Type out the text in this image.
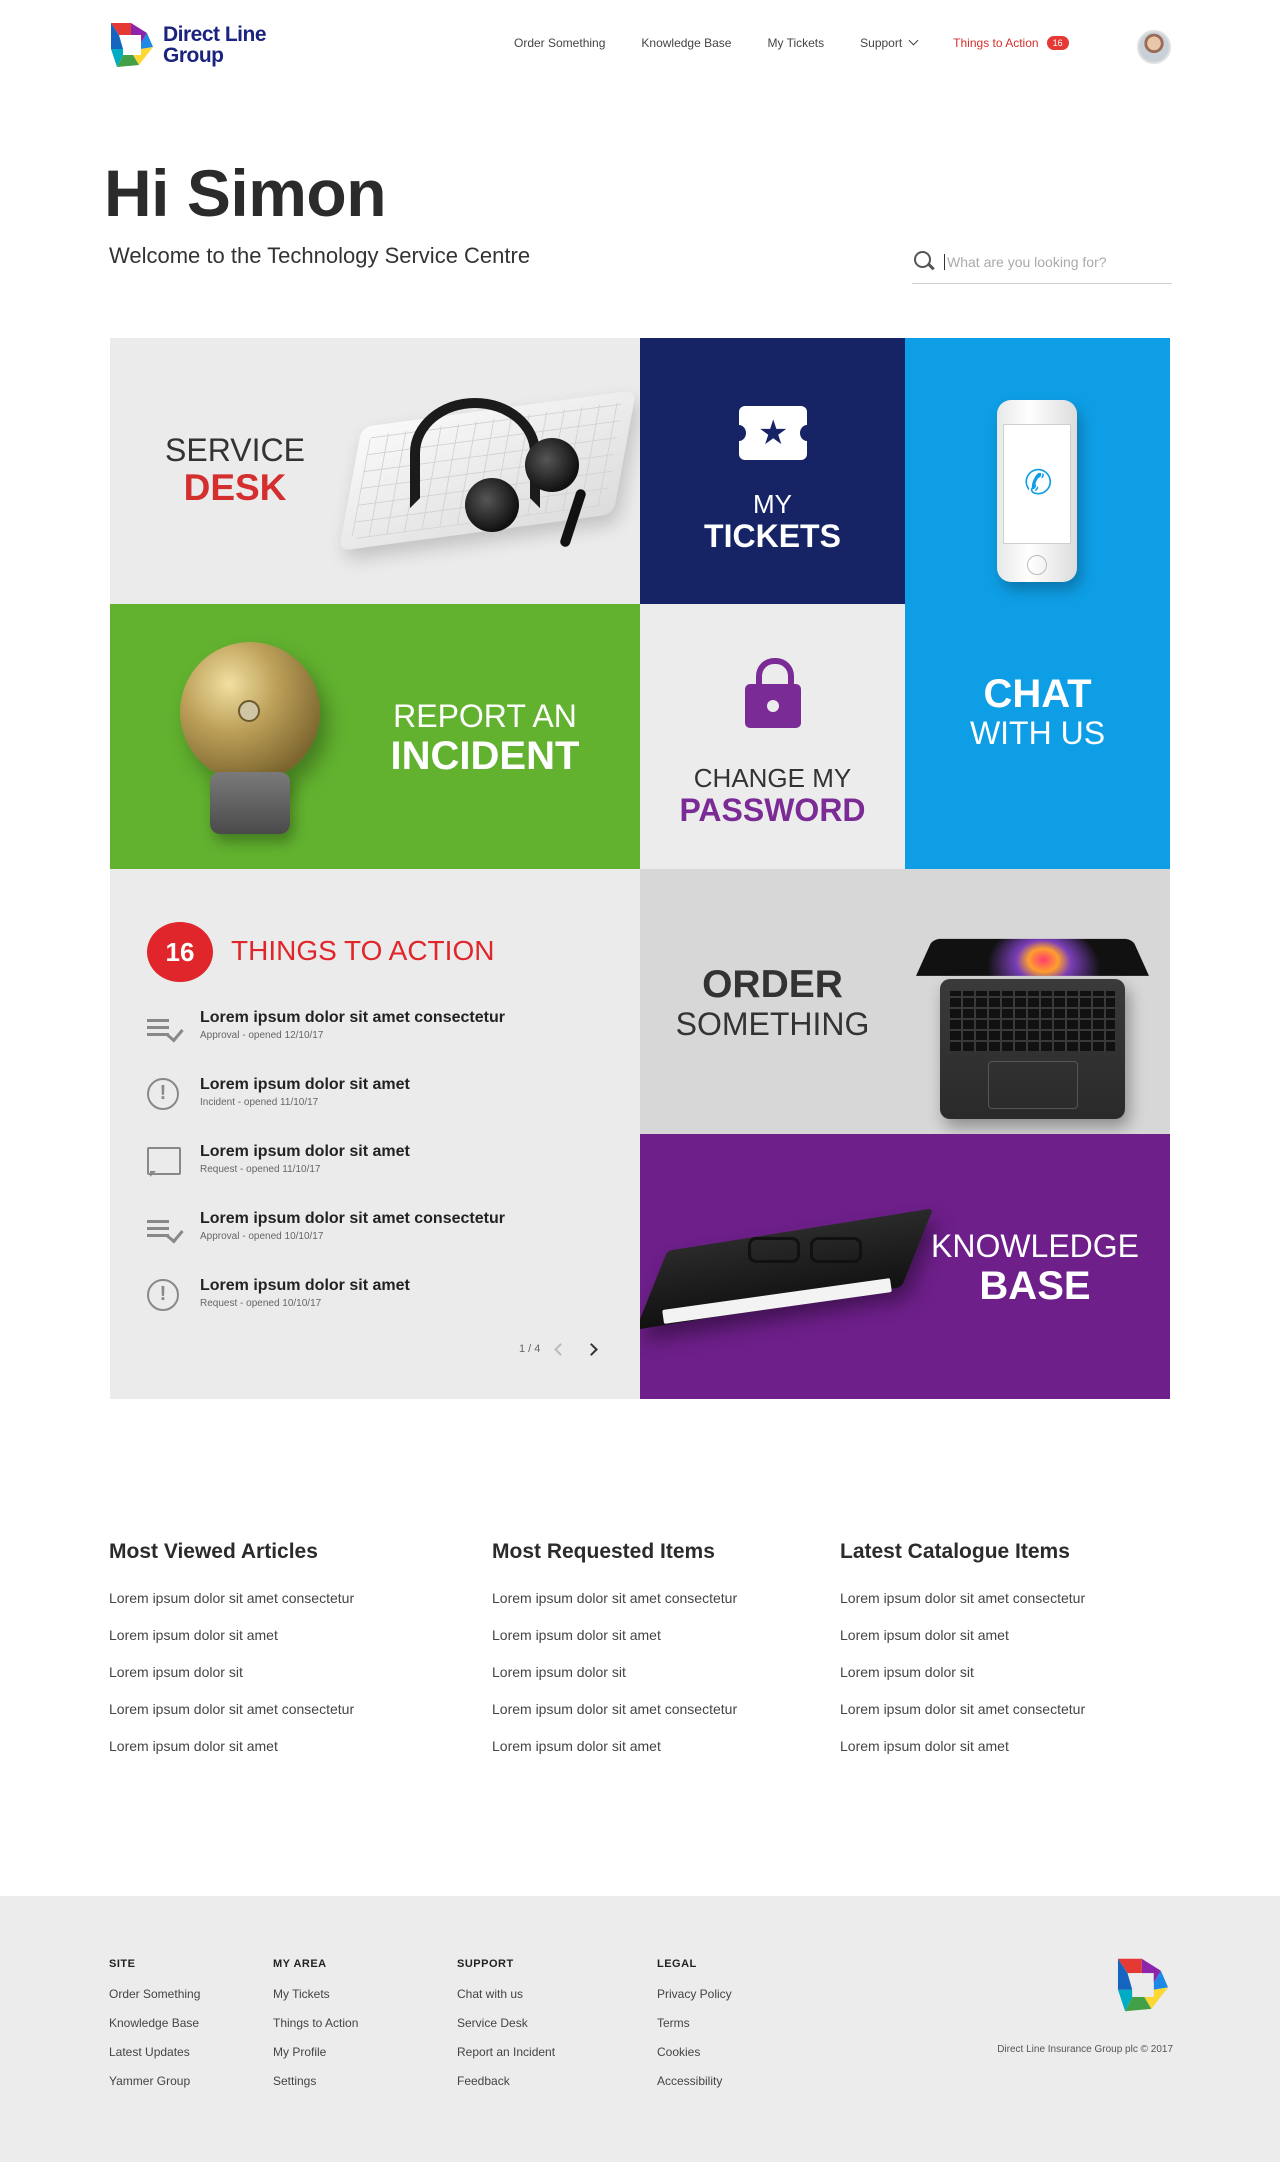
Direct Line
Group
Order Something	Knowledge Base	My Tickets	Support	Things to Action	16
Hi Simon
Welcome to the Technology Service Centre
What are you looking for?
SERVICE
DESK
★
MY
TICKETS
✆
CHAT
WITH US
REPORT AN
INCIDENT	CHANGE MY
PASSWORD
16	THINGS TO ACTION
Lorem ipsum dolor sit amet consectetur
Approval - opened 12/10/17
!
Lorem ipsum dolor sit amet
Incident - opened 11/10/17
Lorem ipsum dolor sit amet
Request - opened 11/10/17
Lorem ipsum dolor sit amet consectetur
Approval - opened 10/10/17
!
Lorem ipsum dolor sit amet
Request - opened 10/10/17
1 / 4
ORDER
SOMETHING
KNOWLEDGE
BASE
Most Viewed Articles
Lorem ipsum dolor sit amet consectetur
Lorem ipsum dolor sit amet
Lorem ipsum dolor sit
Lorem ipsum dolor sit amet consectetur
Lorem ipsum dolor sit amet
Most Requested Items
Lorem ipsum dolor sit amet consectetur
Lorem ipsum dolor sit amet
Lorem ipsum dolor sit
Lorem ipsum dolor sit amet consectetur
Lorem ipsum dolor sit amet
Latest Catalogue Items
Lorem ipsum dolor sit amet consectetur
Lorem ipsum dolor sit amet
Lorem ipsum dolor sit
Lorem ipsum dolor sit amet consectetur
Lorem ipsum dolor sit amet
SITE
Order Something
Knowledge Base
Latest Updates
Yammer Group
MY AREA
My Tickets
Things to Action
My Profile
Settings
SUPPORT
Chat with us
Service Desk
Report an Incident
Feedback
LEGAL
Privacy Policy
Terms
Cookies
Accessibility
Direct Line Insurance Group plc © 2017
